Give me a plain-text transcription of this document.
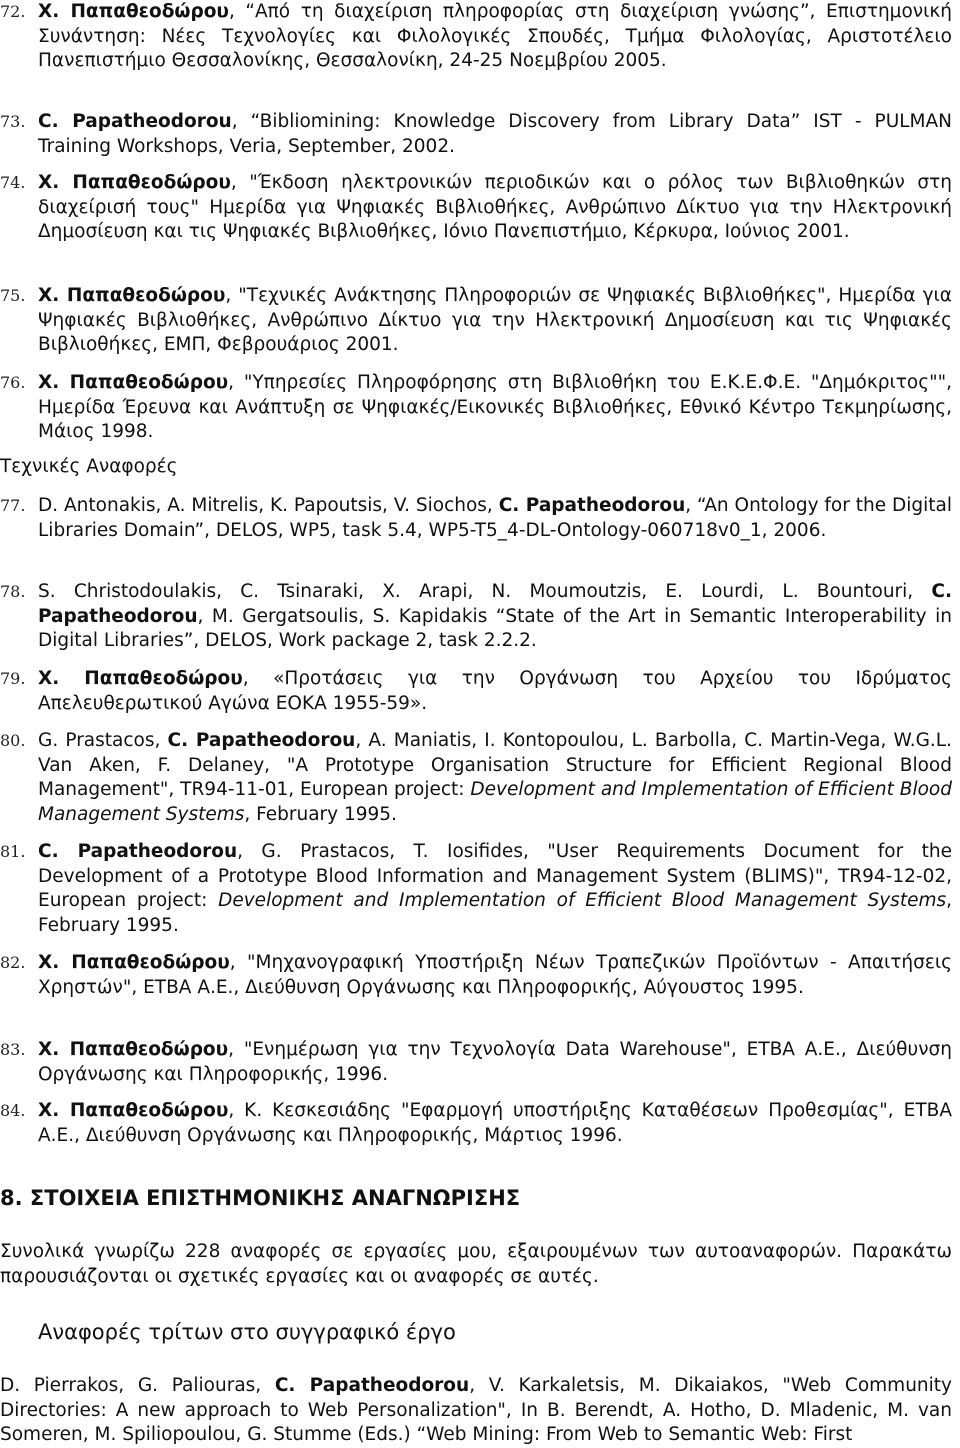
72. Χ. Παπαθεοδώρου, “Από τη διαχείριση πληροφορίας στη διαχείριση γνώσης”, Επιστημονική Συνάντηση: Νέες Τεχνολογίες και Φιλολογικές Σπουδές, Τμήμα Φιλολογίας, Αριστοτέλειο Πανεπιστήμιο Θεσσαλονίκης, Θεσσαλονίκη, 24-25 Νοεμβρίου 2005.
73. C. Papatheodorou, “Bibliomining: Knowledge Discovery from Library Data” IST - PULMAN Training Workshops, Veria, September, 2002.
74. Χ. Παπαθεοδώρου, "Έκδοση ηλεκτρονικών περιοδικών και ο ρόλος των Βιβλιοθηκών στη διαχείρισή τους" Ημερίδα για Ψηφιακές Βιβλιοθήκες, Ανθρώπινο Δίκτυο για την Ηλεκτρονική Δημοσίευση και τις Ψηφιακές Βιβλιοθήκες, Ιόνιο Πανεπιστήμιο, Κέρκυρα, Ιούνιος 2001.
75. Χ. Παπαθεοδώρου, "Τεχνικές Ανάκτησης Πληροφοριών σε Ψηφιακές Βιβλιοθήκες", Ημερίδα για Ψηφιακές Βιβλιοθήκες, Ανθρώπινο Δίκτυο για την Ηλεκτρονική Δημοσίευση και τις Ψηφιακές Βιβλιοθήκες, ΕΜΠ, Φεβρουάριος 2001.
76. Χ. Παπαθεοδώρου, "Υπηρεσίες Πληροφόρησης στη Βιβλιοθήκη του Ε.Κ.Ε.Φ.Ε. "Δημόκριτος"", Ημερίδα Έρευνα και Ανάπτυξη σε Ψηφιακές/Εικονικές Βιβλιοθήκες, Εθνικό Κέντρο Τεκμηρίωσης, Μάιος 1998.
Τεχνικές Αναφορές
77. D. Antonakis, A. Mitrelis, K. Papoutsis, V. Siochos, C. Papatheodorou, “An Ontology for the Digital Libraries Domain”, DELOS, WP5, task 5.4, WP5-T5_4-DL-Ontology-060718v0_1, 2006.
78. S. Christodoulakis, C. Tsinaraki, X. Arapi, N. Moumoutzis, E. Lourdi, L. Bountouri, C. Papatheodorou, M. Gergatsoulis, S. Kapidakis “State of the Art in Semantic Interoperability in Digital Libraries”, DELOS, Work package 2, task 2.2.2.
79. Χ. Παπαθεοδώρου, «Προτάσεις για την Οργάνωση του Αρχείου του Ιδρύματος Απελευθερωτικού Αγώνα ΕΟΚΑ 1955-59».
80. G. Prastacos, C. Papatheodorou, A. Maniatis, I. Kontopoulou, L. Barbolla, C. Martin-Vega, W.G.L. Van Aken, F. Delaney, "A Prototype Organisation Structure for Efficient Regional Blood Management", TR94-11-01, European project: Development and Implementation of Efficient Blood Management Systems, February 1995.
81. C. Papatheodorou, G. Prastacos, T. Iosifides, "User Requirements Document for the Development of a Prototype Blood Information and Management System (BLIMS)", TR94-12-02, European project: Development and Implementation of Efficient Blood Management Systems, February 1995.
82. Χ. Παπαθεοδώρου, "Μηχανογραφική Υποστήριξη Νέων Τραπεζικών Προϊόντων - Απαιτήσεις Χρηστών", ΕΤΒΑ Α.Ε., Διεύθυνση Οργάνωσης και Πληροφορικής, Αύγουστος 1995.
83. Χ. Παπαθεοδώρου, "Ενημέρωση για την Τεχνολογία Data Warehouse", ΕΤΒΑ Α.Ε., Διεύθυνση Οργάνωσης και Πληροφορικής, 1996.
84. Χ. Παπαθεοδώρου, Κ. Κεσκεσιάδης "Εφαρμογή υποστήριξης Καταθέσεων Προθεσμίας", ΕΤΒΑ Α.Ε., Διεύθυνση Οργάνωσης και Πληροφορικής, Μάρτιος 1996.
8. ΣΤΟΙΧΕΙΑ ΕΠΙΣΤΗΜΟΝΙΚΗΣ ΑΝΑΓΝΩΡΙΣΗΣ
Συνολικά γνωρίζω 228 αναφορές σε εργασίες μου, εξαιρουμένων των αυτοαναφορών. Παρακάτω παρουσιάζονται οι σχετικές εργασίες και οι αναφορές σε αυτές.
Αναφορές τρίτων στο συγγραφικό έργο
D. Pierrakos, G. Paliouras, C. Papatheodorou, V. Karkaletsis, M. Dikaiakos, "Web Community Directories: A new approach to Web Personalization", In B. Berendt, A. Hotho, D. Mladenic, M. van Someren, M. Spiliopoulou, G. Stumme (Eds.) “Web Mining: From Web to Semantic Web: First
